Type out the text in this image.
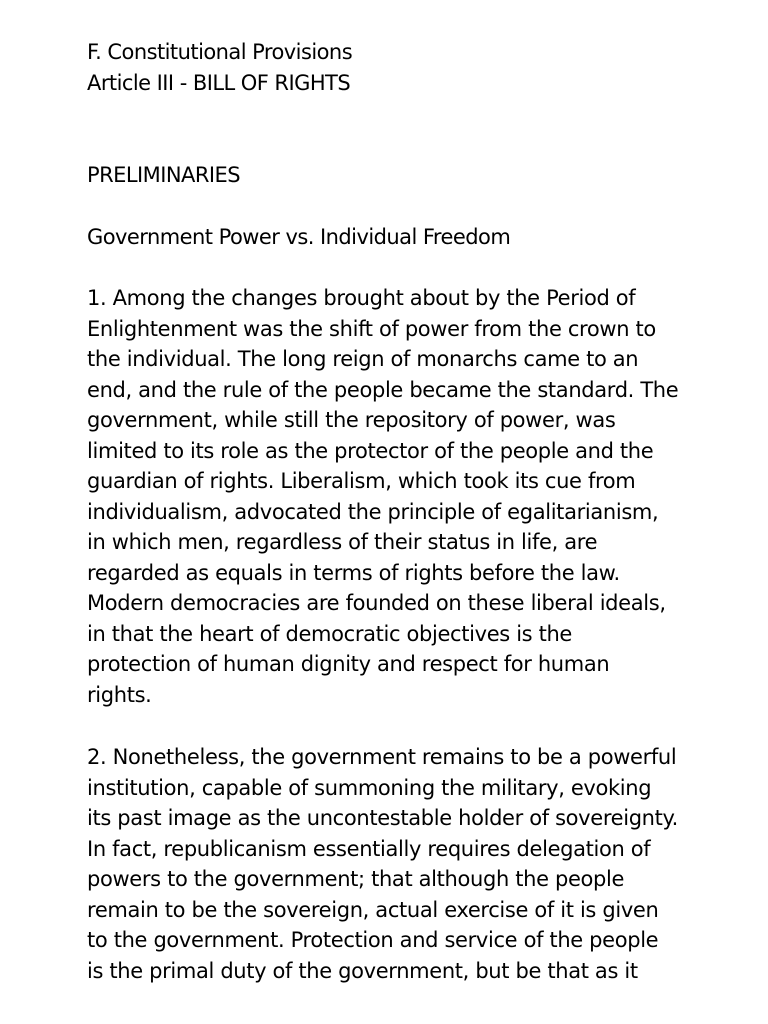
F. Constitutional Provisions

Article III - BILL OF RIGHTS

PRELIMINARIES

Government Power vs. Individual Freedom

1. Among the changes brought about by the Period of
Enlightenment was the shift of power from the crown to
the individual. The long reign of monarchs came to an
end, and the rule of the people became the standard. The
government, while still the repository of power, was
limited to its role as the protector of the people and the
guardian of rights. Liberalism, which took its cue from
individualism, advocated the principle of egalitarianism,
in which men, regardless of their status in life, are
regarded as equals in terms of rights before the law.
Modern democracies are founded on these liberal ideals,
in that the heart of democratic objectives is the
protection of human dignity and respect for human
rights.
2. Nonetheless, the government remains to be a powerful
institution, capable of summoning the military, evoking
its past image as the uncontestable holder of sovereignty.
In fact, republicanism essentially requires delegation of
powers to the government; that although the people
remain to be the sovereign, actual exercise of it is given
to the government. Protection and service of the people
is the primal duty of the government, but be that as it
